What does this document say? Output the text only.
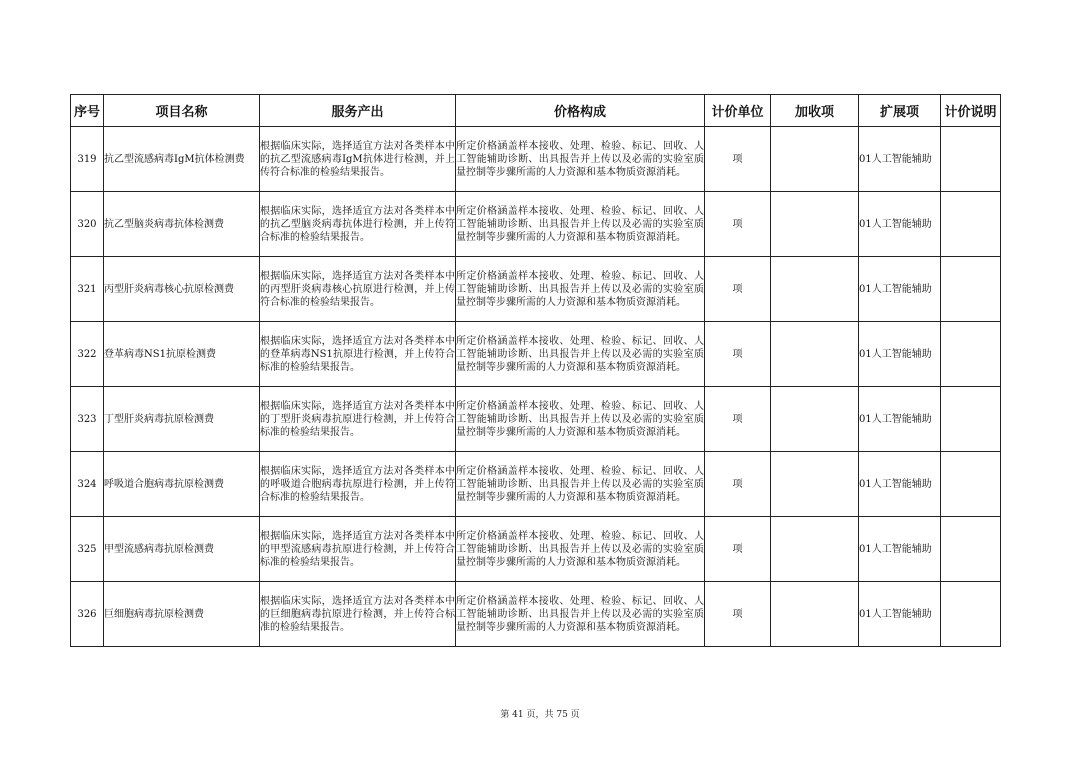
序号	项目名称	服务产出	价格构成	计价单位	加收项	扩展项	计价说明
319	抗乙型流感病毒IgM抗体检测费	根据临床实际，选择适宜方法对各类样本中的抗乙型流感病毒IgM抗体进行检测，并上传符合标准的检验结果报告。	所定价格涵盖样本接收、处理、检验、标记、回收、人工智能辅助诊断、出具报告并上传以及必需的实验室质量控制等步骤所需的人力资源和基本物质资源消耗。	项		01人工智能辅助	
320	抗乙型脑炎病毒抗体检测费	根据临床实际，选择适宜方法对各类样本中的抗乙型脑炎病毒抗体进行检测，并上传符合标准的检验结果报告。	所定价格涵盖样本接收、处理、检验、标记、回收、人工智能辅助诊断、出具报告并上传以及必需的实验室质量控制等步骤所需的人力资源和基本物质资源消耗。	项		01人工智能辅助	
321	丙型肝炎病毒核心抗原检测费	根据临床实际，选择适宜方法对各类样本中的丙型肝炎病毒核心抗原进行检测，并上传符合标准的检验结果报告。	所定价格涵盖样本接收、处理、检验、标记、回收、人工智能辅助诊断、出具报告并上传以及必需的实验室质量控制等步骤所需的人力资源和基本物质资源消耗。	项		01人工智能辅助	
322	登革病毒NS1抗原检测费	根据临床实际，选择适宜方法对各类样本中的登革病毒NS1抗原进行检测，并上传符合标准的检验结果报告。	所定价格涵盖样本接收、处理、检验、标记、回收、人工智能辅助诊断、出具报告并上传以及必需的实验室质量控制等步骤所需的人力资源和基本物质资源消耗。	项		01人工智能辅助	
323	丁型肝炎病毒抗原检测费	根据临床实际，选择适宜方法对各类样本中的丁型肝炎病毒抗原进行检测，并上传符合标准的检验结果报告。	所定价格涵盖样本接收、处理、检验、标记、回收、人工智能辅助诊断、出具报告并上传以及必需的实验室质量控制等步骤所需的人力资源和基本物质资源消耗。	项		01人工智能辅助	
324	呼吸道合胞病毒抗原检测费	根据临床实际，选择适宜方法对各类样本中的呼吸道合胞病毒抗原进行检测，并上传符合标准的检验结果报告。	所定价格涵盖样本接收、处理、检验、标记、回收、人工智能辅助诊断、出具报告并上传以及必需的实验室质量控制等步骤所需的人力资源和基本物质资源消耗。	项		01人工智能辅助	
325	甲型流感病毒抗原检测费	根据临床实际，选择适宜方法对各类样本中的甲型流感病毒抗原进行检测，并上传符合标准的检验结果报告。	所定价格涵盖样本接收、处理、检验、标记、回收、人工智能辅助诊断、出具报告并上传以及必需的实验室质量控制等步骤所需的人力资源和基本物质资源消耗。	项		01人工智能辅助	
326	巨细胞病毒抗原检测费	根据临床实际，选择适宜方法对各类样本中的巨细胞病毒抗原进行检测，并上传符合标准的检验结果报告。	所定价格涵盖样本接收、处理、检验、标记、回收、人工智能辅助诊断、出具报告并上传以及必需的实验室质量控制等步骤所需的人力资源和基本物质资源消耗。	项		01人工智能辅助	
第 41 页，共 75 页
